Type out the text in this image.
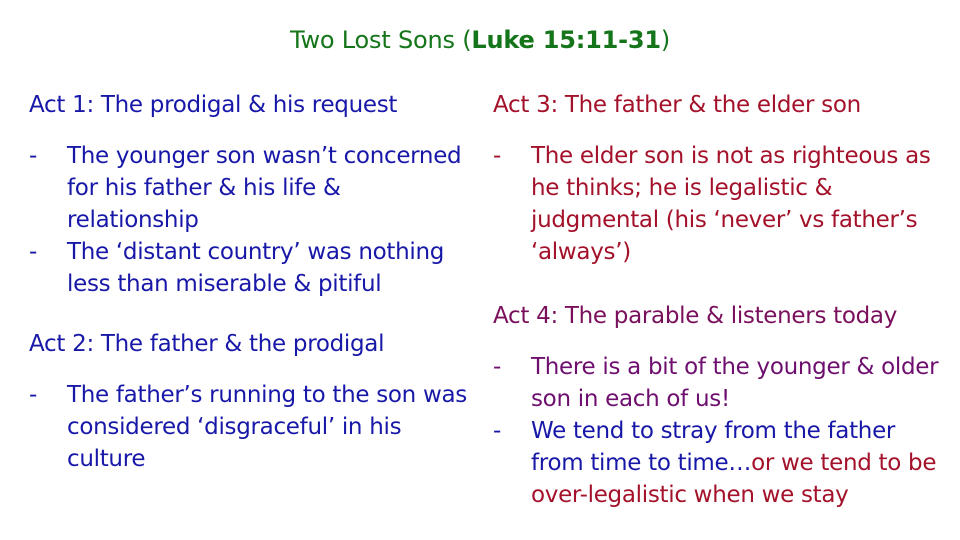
Two Lost Sons (Luke 15:11-31)

Act 1: The prodigal & his request

- The younger son wasn’t concerned for his father & his life & relationship
- The ‘distant country’ was nothing less than miserable & pitiful

Act 2: The father & the prodigal

- The father’s running to the son was considered ‘disgraceful’ in his culture

Act 3: The father & the elder son

- The elder son is not as righteous as he thinks; he is legalistic & judgmental (his ‘never’ vs father’s ‘always’)

Act 4: The parable & listeners today

- There is a bit of the younger & older son in each of us!
- We tend to stray from the father from time to time…or we tend to be over-legalistic when we stay
